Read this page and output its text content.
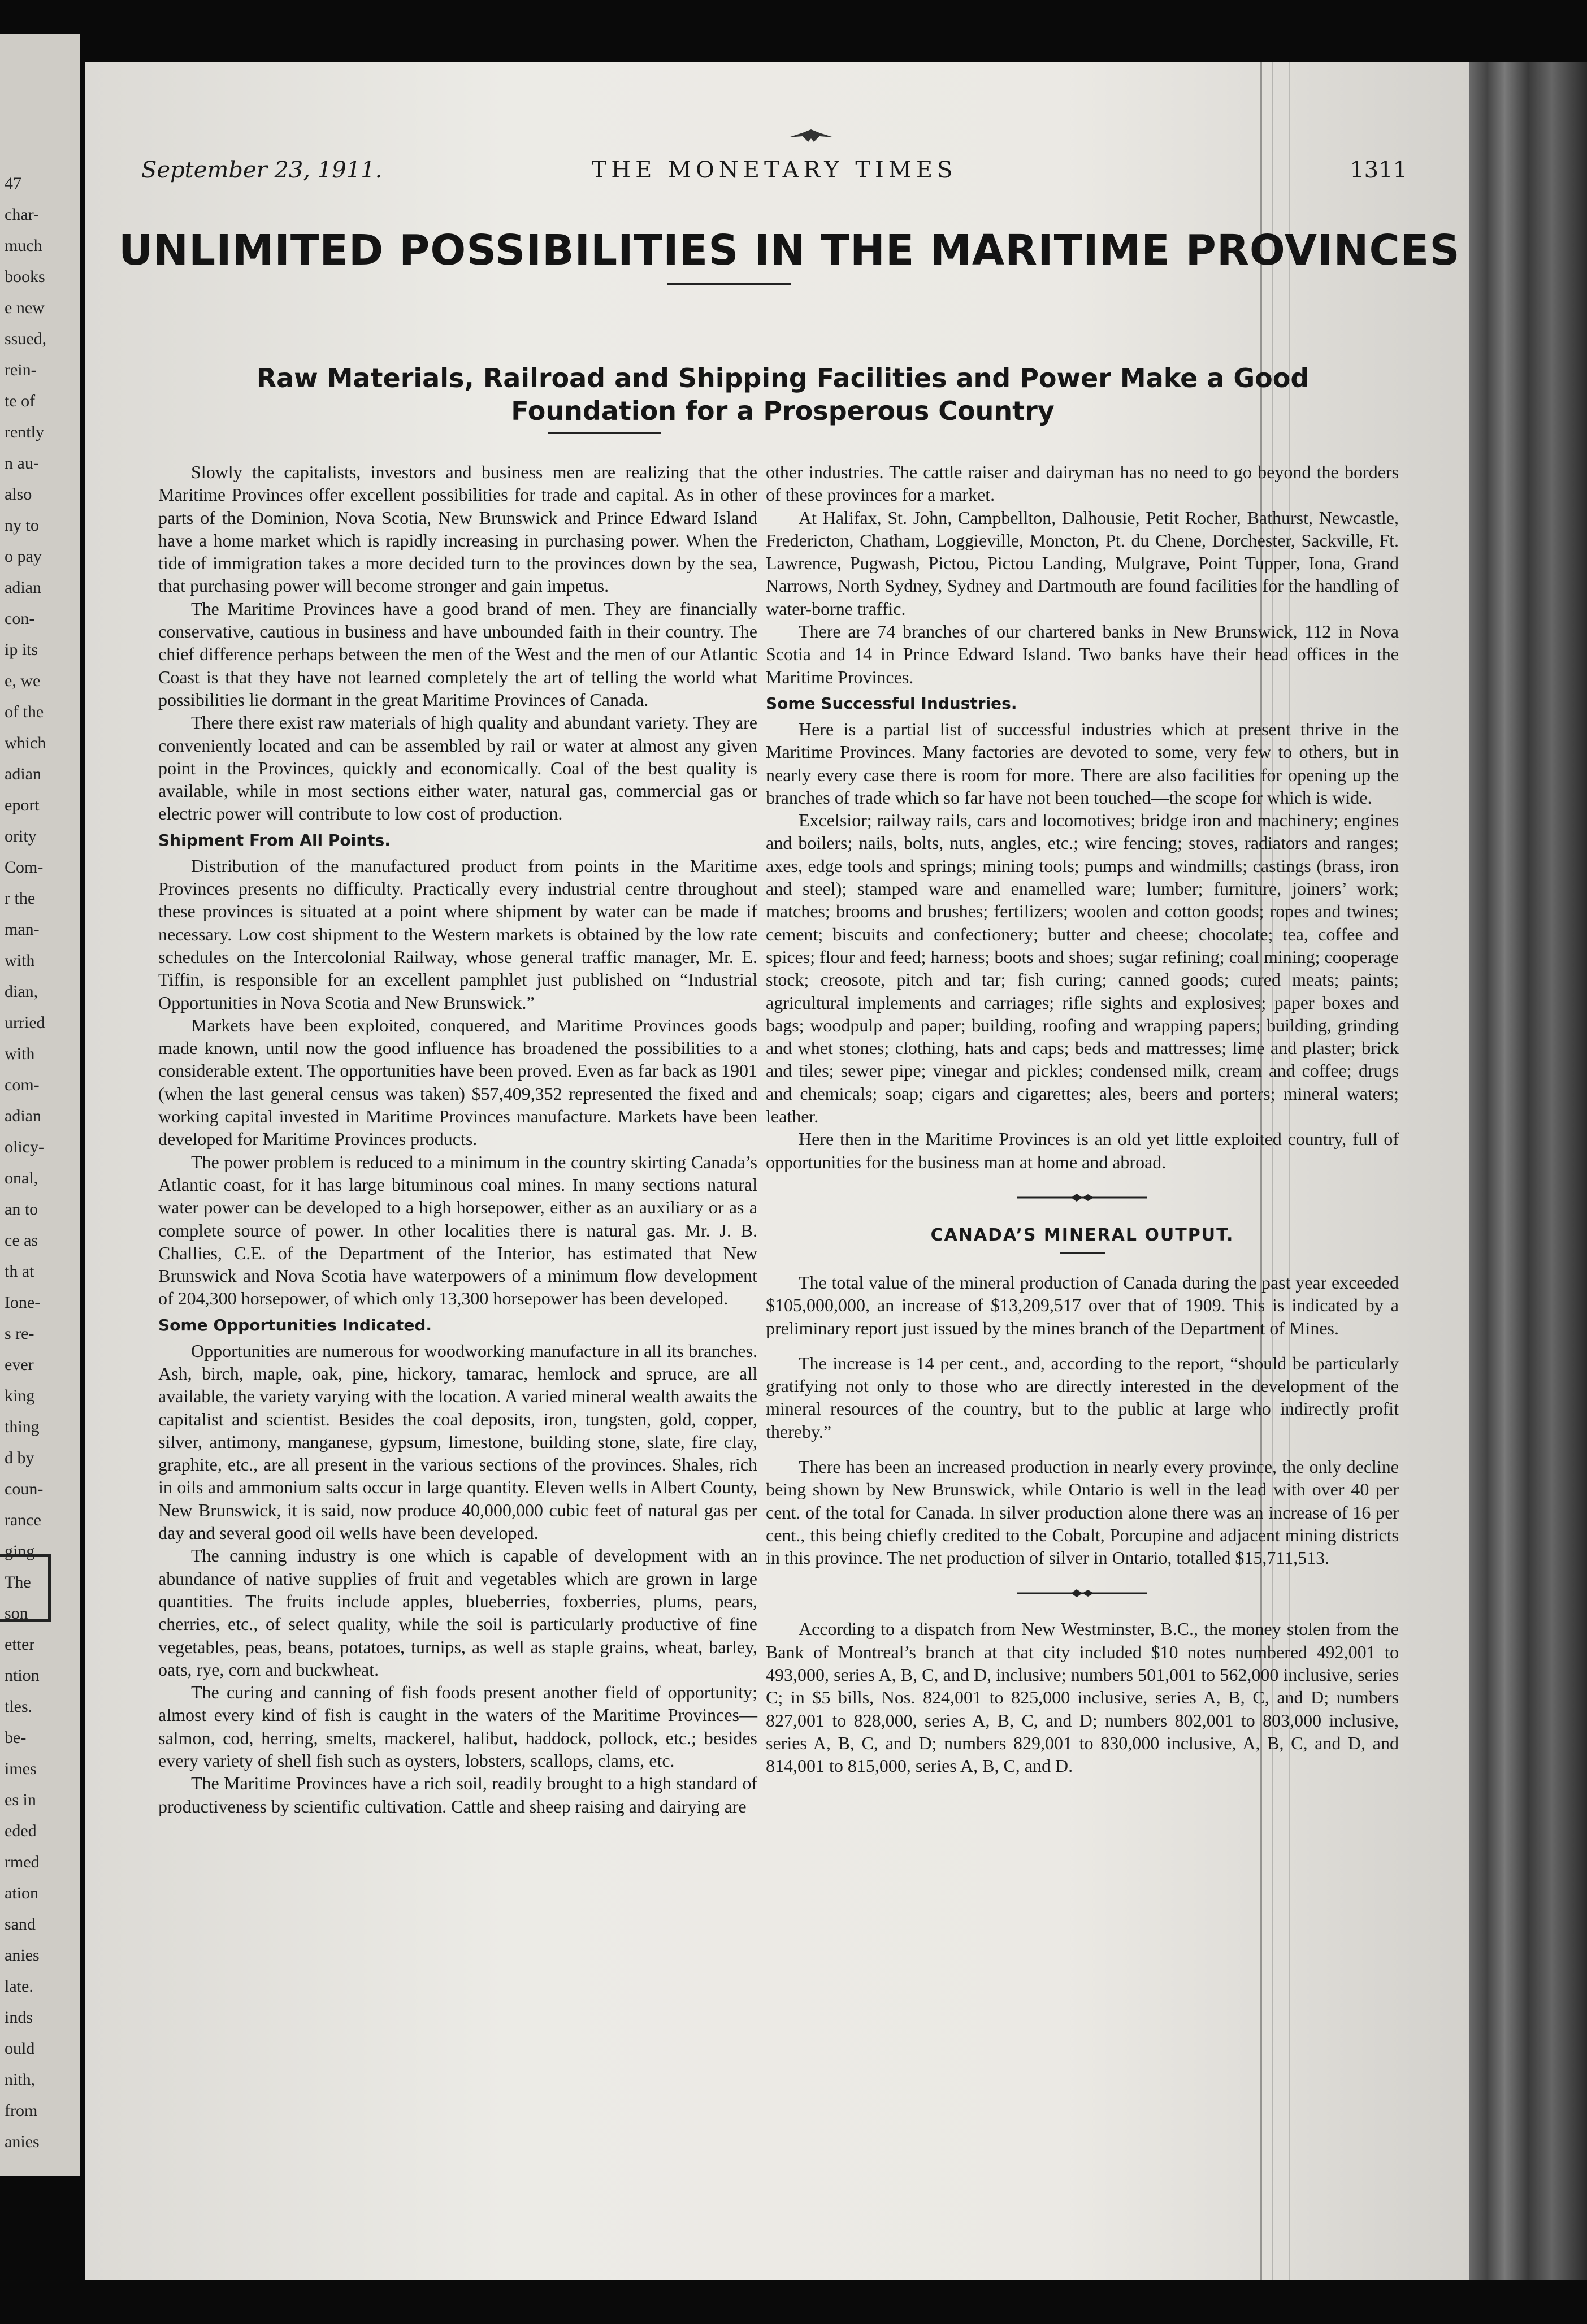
47
char-
much
books
e new
ssued,
rein-
te of
rently
n au-
also
ny to
o pay
adian
con-
ip its
e, we
of the
which
adian
eport
ority
Com-
r the
man-
with
dian,
urried
with
com-
adian
olicy-
onal,
an to
ce as
th at
Ione-
s re-
ever
king
thing
d by
coun-
rance
ging
The
son
etter
ntion
tles.
be-
imes
es in
eded
rmed
ation
sand
anies
late.
inds
ould
nith,
from
anies
September 23, 1911.	THE MONETARY TIMES	1311
UNLIMITED POSSIBILITIES IN THE MARITIME PROVINCES
Raw Materials, Railroad and Shipping Facilities and Power Make a Good Foundation for a Prosperous Country

Slowly the capitalists, investors and business men are realizing that the Maritime Provinces offer excellent possibilities for trade and capital. As in other parts of the Dominion, Nova Scotia, New Brunswick and Prince Edward Island have a home market which is rapidly increasing in purchasing power. When the tide of immigration takes a more decided turn to the provinces down by the sea, that purchasing power will become stronger and gain impetus.

The Maritime Provinces have a good brand of men. They are financially conservative, cautious in business and have unbounded faith in their country. The chief difference perhaps between the men of the West and the men of our Atlantic Coast is that they have not learned completely the art of telling the world what possibilities lie dormant in the great Maritime Provinces of Canada.

There there exist raw materials of high quality and abundant variety. They are conveniently located and can be assembled by rail or water at almost any given point in the Provinces, quickly and economically. Coal of the best quality is available, while in most sections either water, natural gas, commercial gas or electric power will contribute to low cost of production.

Shipment From All Points.

Distribution of the manufactured product from points in the Maritime Provinces presents no difficulty. Practically every industrial centre throughout these provinces is situated at a point where shipment by water can be made if necessary. Low cost shipment to the Western markets is obtained by the low rate schedules on the Intercolonial Railway, whose general traffic manager, Mr. E. Tiffin, is responsible for an excellent pamphlet just published on “Industrial Opportunities in Nova Scotia and New Brunswick.”

Markets have been exploited, conquered, and Maritime Provinces goods made known, until now the good influence has broadened the possibilities to a considerable extent. The opportunities have been proved. Even as far back as 1901 (when the last general census was taken) $57,409,352 represented the fixed and working capital invested in Maritime Provinces manufacture. Markets have been developed for Maritime Provinces products.

The power problem is reduced to a minimum in the country skirting Canada’s Atlantic coast, for it has large bituminous coal mines. In many sections natural water power can be developed to a high horsepower, either as an auxiliary or as a complete source of power. In other localities there is natural gas. Mr. J. B. Challies, C.E. of the Department of the Interior, has estimated that New Brunswick and Nova Scotia have waterpowers of a minimum flow development of 204,300 horsepower, of which only 13,300 horsepower has been developed.

Some Opportunities Indicated.

Opportunities are numerous for woodworking manufacture in all its branches. Ash, birch, maple, oak, pine, hickory, tamarac, hemlock and spruce, are all available, the variety varying with the location. A varied mineral wealth awaits the capitalist and scientist. Besides the coal deposits, iron, tungsten, gold, copper, silver, antimony, manganese, gypsum, limestone, building stone, slate, fire clay, graphite, etc., are all present in the various sections of the provinces. Shales, rich in oils and ammonium salts occur in large quantity. Eleven wells in Albert County, New Brunswick, it is said, now produce 40,000,000 cubic feet of natural gas per day and several good oil wells have been developed.

The canning industry is one which is capable of development with an abundance of native supplies of fruit and vegetables which are grown in large quantities. The fruits include apples, blueberries, foxberries, plums, pears, cherries, etc., of select quality, while the soil is particularly productive of fine vegetables, peas, beans, potatoes, turnips, as well as staple grains, wheat, barley, oats, rye, corn and buckwheat.

The curing and canning of fish foods present another field of opportunity; almost every kind of fish is caught in the waters of the Maritime Provinces—salmon, cod, herring, smelts, mackerel, halibut, haddock, pollock, etc.; besides every variety of shell fish such as oysters, lobsters, scallops, clams, etc.

The Maritime Provinces have a rich soil, readily brought to a high standard of productiveness by scientific cultivation. Cattle and sheep raising and dairying are

other industries. The cattle raiser and dairyman has no need to go beyond the borders of these provinces for a market.

At Halifax, St. John, Campbellton, Dalhousie, Petit Rocher, Bathurst, Newcastle, Fredericton, Chatham, Loggieville, Moncton, Pt. du Chene, Dorchester, Sackville, Ft. Lawrence, Pugwash, Pictou, Pictou Landing, Mulgrave, Point Tupper, Iona, Grand Narrows, North Sydney, Sydney and Dartmouth are found facilities for the handling of water-borne traffic.

There are 74 branches of our chartered banks in New Brunswick, 112 in Nova Scotia and 14 in Prince Edward Island. Two banks have their head offices in the Maritime Provinces.

Some Successful Industries.

Here is a partial list of successful industries which at present thrive in the Maritime Provinces. Many factories are devoted to some, very few to others, but in nearly every case there is room for more. There are also facilities for opening up the branches of trade which so far have not been touched—the scope for which is wide.

Excelsior; railway rails, cars and locomotives; bridge iron and machinery; engines and boilers; nails, bolts, nuts, angles, etc.; wire fencing; stoves, radiators and ranges; axes, edge tools and springs; mining tools; pumps and windmills; castings (brass, iron and steel); stamped ware and enamelled ware; lumber; furniture, joiners’ work; matches; brooms and brushes; fertilizers; woolen and cotton goods; ropes and twines; cement; biscuits and confectionery; butter and cheese; chocolate; tea, coffee and spices; flour and feed; harness; boots and shoes; sugar refining; coal mining; cooperage stock; creosote, pitch and tar; fish curing; canned goods; cured meats; paints; agricultural implements and carriages; rifle sights and explosives; paper boxes and bags; woodpulp and paper; building, roofing and wrapping papers; building, grinding and whet stones; clothing, hats and caps; beds and mattresses; lime and plaster; brick and tiles; sewer pipe; vinegar and pickles; condensed milk, cream and coffee; drugs and chemicals; soap; cigars and cigarettes; ales, beers and porters; mineral waters; leather.

Here then in the Maritime Provinces is an old yet little exploited country, full of opportunities for the business man at home and abroad.

CANADA’S MINERAL OUTPUT.

The total value of the mineral production of Canada during the past year exceeded $105,000,000, an increase of $13,209,517 over that of 1909. This is indicated by a preliminary report just issued by the mines branch of the Department of Mines.

The increase is 14 per cent., and, according to the report, “should be particularly gratifying not only to those who are directly interested in the development of the mineral resources of the country, but to the public at large who indirectly profit thereby.”

There has been an increased production in nearly every province, the only decline being shown by New Brunswick, while Ontario is well in the lead with over 40 per cent. of the total for Canada. In silver production alone there was an increase of 16 per cent., this being chiefly credited to the Cobalt, Porcupine and adjacent mining districts in this province. The net production of silver in Ontario, totalled $15,711,513.

According to a dispatch from New Westminster, B.C., the money stolen from the Bank of Montreal’s branch at that city included $10 notes numbered 492,001 to 493,000, series A, B, C, and D, inclusive; numbers 501,001 to 562,000 inclusive, series C; in $5 bills, Nos. 824,001 to 825,000 inclusive, series A, B, C, and D; numbers 827,001 to 828,000, series A, B, C, and D; numbers 802,001 to 803,000 inclusive, series A, B, C, and D; numbers 829,001 to 830,000 inclusive, A, B, C, and D, and 814,001 to 815,000, series A, B, C, and D.
